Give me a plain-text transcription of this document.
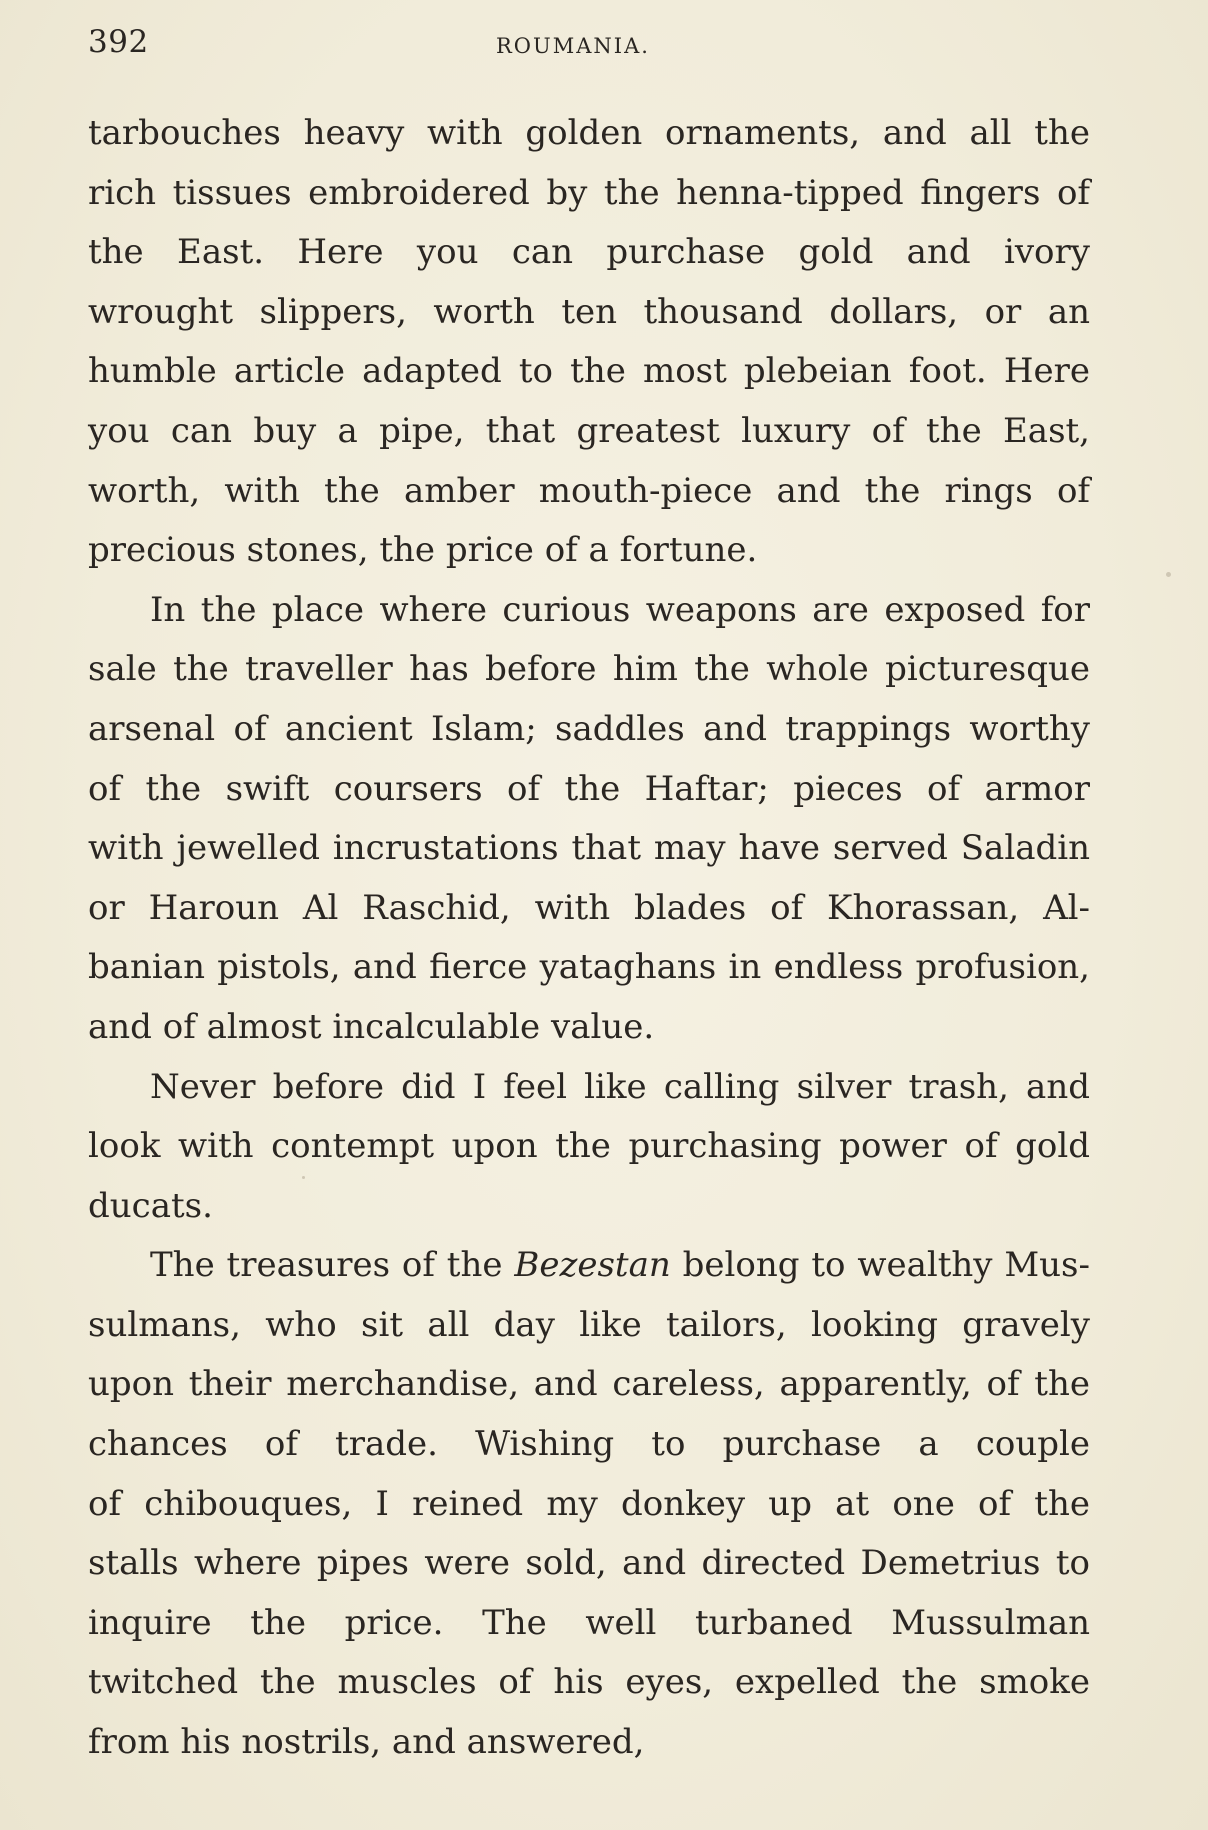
392	ROUMANIA.
tarbouches heavy with golden ornaments, and all the
rich tissues embroidered by the henna-tipped fingers of
the East. Here you can purchase gold and ivory
wrought slippers, worth ten thousand dollars, or an
humble article adapted to the most plebeian foot. Here
you can buy a pipe, that greatest luxury of the East,
worth, with the amber mouth-piece and the rings of
precious stones, the price of a fortune.
In the place where curious weapons are exposed for
sale the traveller has before him the whole picturesque
arsenal of ancient Islam; saddles and trappings worthy
of the swift coursers of the Haftar; pieces of armor
with jewelled incrustations that may have served Saladin
or Haroun Al Raschid, with blades of Khorassan, Al-
banian pistols, and fierce yataghans in endless profusion,
and of almost incalculable value.
Never before did I feel like calling silver trash, and
look with contempt upon the purchasing power of gold
ducats.
The treasures of the Bezestan belong to wealthy Mus-
sulmans, who sit all day like tailors, looking gravely
upon their merchandise, and careless, apparently, of the
chances of trade. Wishing to purchase a couple
of chibouques, I reined my donkey up at one of the
stalls where pipes were sold, and directed Demetrius to
inquire the price. The well turbaned Mussulman
twitched the muscles of his eyes, expelled the smoke
from his nostrils, and answered,
